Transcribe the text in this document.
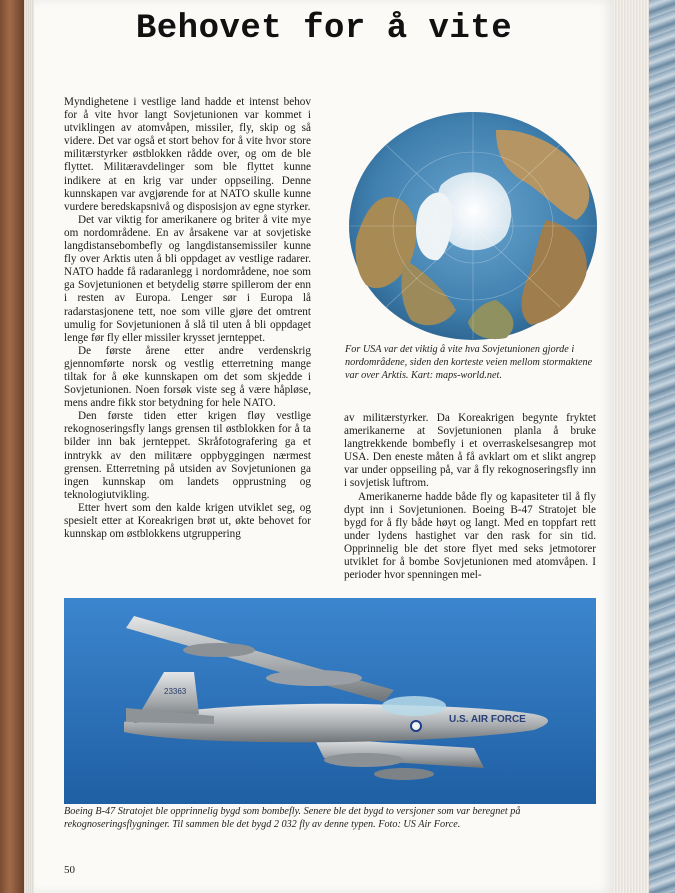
Behovet for å vite

Myndighetene i vestlige land hadde et intenst behov for å vite hvor langt Sovjetunionen var kommet i utviklingen av atomvåpen, missiler, fly, skip og så videre. Det var også et stort behov for å vite hvor store militærstyrker østblokken rådde over, og om de ble flyttet. Militæravdelinger som ble flyttet kunne indikere at en krig var under oppseiling. Denne kunnskapen var avgjørende for at NATO skulle kunne vurdere beredskapsnivå og disposisjon av egne styrker.

Det var viktig for amerikanere og briter å vite mye om nordområdene. En av årsakene var at sovjetiske langdistansebombefly og langdistansemissiler kunne fly over Arktis uten å bli oppdaget av vestlige radarer. NATO hadde få radaranlegg i nordområdene, noe som ga Sovjetunionen et betydelig større spillerom der enn i resten av Europa. Lenger sør i Europa lå radarstasjonene tett, noe som ville gjøre det omtrent umulig for Sovjetunionen å slå til uten å bli oppdaget lenge før fly eller missiler krysset jernteppet.

De første årene etter andre verdenskrig gjennomførte norsk og vestlig etterretning mange tiltak for å øke kunnskapen om det som skjedde i Sovjetunionen. Noen forsøk viste seg å være håpløse, mens andre fikk stor betydning for hele NATO.

Den første tiden etter krigen fløy vestlige rekognoseringsfly langs grensen til østblokken for å ta bilder inn bak jernteppet. Skråfotografering ga et inntrykk av den militære oppbyggingen nærmest grensen. Etterretning på utsiden av Sovjetunionen ga ingen kunnskap om landets opprustning og teknologiutvikling.

Etter hvert som den kalde krigen utviklet seg, og spesielt etter at Koreakrigen brøt ut, økte behovet for kunnskap om østblokkens utgruppering

For USA var det viktig å vite hva Sovjetunionen gjorde i nordområdene, siden den korteste veien mellom stormaktene var over Arktis. Kart: maps-world.net.

av militærstyrker. Da Koreakrigen begynte fryktet amerikanerne at Sovjetunionen planla å bruke langtrekkende bombefly i et overraskelsesangrep mot USA. Den eneste måten å få avklart om et slikt angrep var under oppseiling på, var å fly rekognoseringsfly inn i sovjetisk luftrom.

Amerikanerne hadde både fly og kapasiteter til å fly dypt inn i Sovjetunionen. Boeing B-47 Stratojet ble bygd for å fly både høyt og langt. Med en toppfart rett under lydens hastighet var den rask for sin tid. Opprinnelig ble det store flyet med seks jetmotorer utviklet for å bombe Sovjetunionen med atomvåpen. I perioder hvor spenningen mel-

23363
U.S. AIR FORCE
Boeing B-47 Stratojet ble opprinnelig bygd som bombefly. Senere ble det bygd to versjoner som var beregnet på rekognoseringsflygninger. Til sammen ble det bygd 2 032 fly av denne typen. Foto: US Air Force.
50
